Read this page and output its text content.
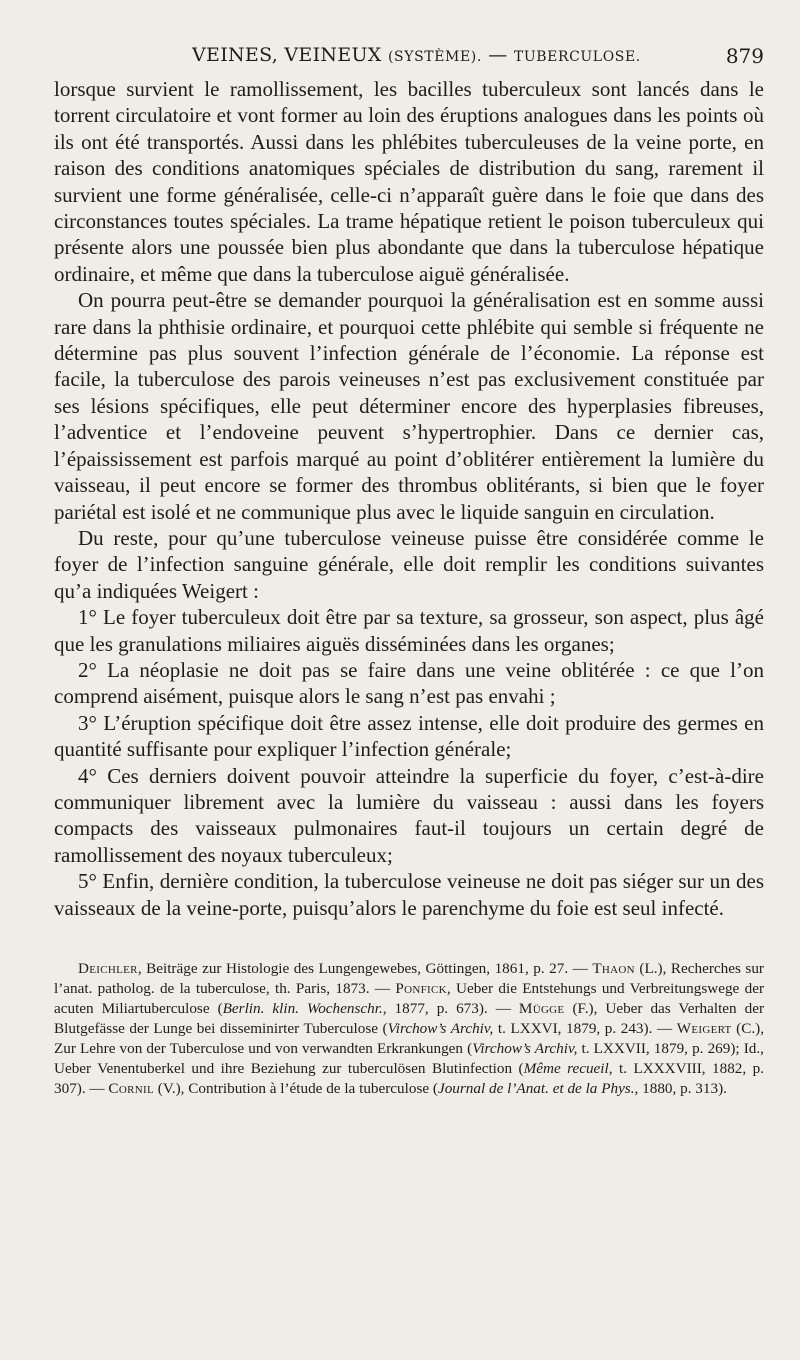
VEINES, VEINEUX (SYSTÈME). — TUBERCULOSE.	879

lorsque survient le ramollissement, les bacilles tuberculeux sont lancés dans le torrent circulatoire et vont former au loin des éruptions analogues dans les points où ils ont été transportés. Aussi dans les phlébites tuberculeuses de la veine porte, en raison des conditions anatomiques spéciales de distribution du sang, rarement il survient une forme généralisée, celle-ci n’apparaît guère dans le foie que dans des circonstances toutes spéciales. La trame hépatique retient le poison tuberculeux qui présente alors une poussée bien plus abondante que dans la tuberculose hépatique ordinaire, et même que dans la tuberculose aiguë généralisée.

On pourra peut-être se demander pourquoi la généralisation est en somme aussi rare dans la phthisie ordinaire, et pourquoi cette phlébite qui semble si fréquente ne détermine pas plus souvent l’infection générale de l’économie. La réponse est facile, la tuberculose des parois veineuses n’est pas exclusivement constituée par ses lésions spécifiques, elle peut déterminer encore des hyperplasies fibreuses, l’adventice et l’endoveine peuvent s’hypertrophier. Dans ce dernier cas, l’épaississement est parfois marqué au point d’oblitérer entièrement la lumière du vaisseau, il peut encore se former des thrombus oblitérants, si bien que le foyer pariétal est isolé et ne communique plus avec le liquide sanguin en circulation.

Du reste, pour qu’une tuberculose veineuse puisse être considérée comme le foyer de l’infection sanguine générale, elle doit remplir les conditions suivantes qu’a indiquées Weigert :

1° Le foyer tuberculeux doit être par sa texture, sa grosseur, son aspect, plus âgé que les granulations miliaires aiguës disséminées dans les organes;

2° La néoplasie ne doit pas se faire dans une veine oblitérée : ce que l’on comprend aisément, puisque alors le sang n’est pas envahi ;

3° L’éruption spécifique doit être assez intense, elle doit produire des germes en quantité suffisante pour expliquer l’infection générale;

4° Ces derniers doivent pouvoir atteindre la superficie du foyer, c’est-à-dire communiquer librement avec la lumière du vaisseau : aussi dans les foyers compacts des vaisseaux pulmonaires faut-il toujours un certain degré de ramollissement des noyaux tuberculeux;

5° Enfin, dernière condition, la tuberculose veineuse ne doit pas siéger sur un des vaisseaux de la veine-porte, puisqu’alors le parenchyme du foie est seul infecté.

Deichler, Beiträge zur Histologie des Lungengewebes, Göttingen, 1861, p. 27. — Thaon (L.), Recherches sur l’anat. patholog. de la tuberculose, th. Paris, 1873. — Ponfick, Ueber die Entstehungs und Verbreitungswege der acuten Miliartuberculose (Berlin. klin. Wochenschr., 1877, p. 673). — Mügge (F.), Ueber das Verhalten der Blutgefässe der Lunge bei disseminirter Tuberculose (Virchow’s Archiv, t. LXXVI, 1879, p. 243). — Weigert (C.), Zur Lehre von der Tuberculose und von verwandten Erkrankungen (Virchow’s Archiv, t. LXXVII, 1879, p. 269); Id., Ueber Venentuberkel und ihre Beziehung zur tuberculösen Blutinfection (Même recueil, t. LXXXVIII, 1882, p. 307). — Cornil (V.), Contribution à l’étude de la tuberculose (Journal de l’Anat. et de la Phys., 1880, p. 313).
